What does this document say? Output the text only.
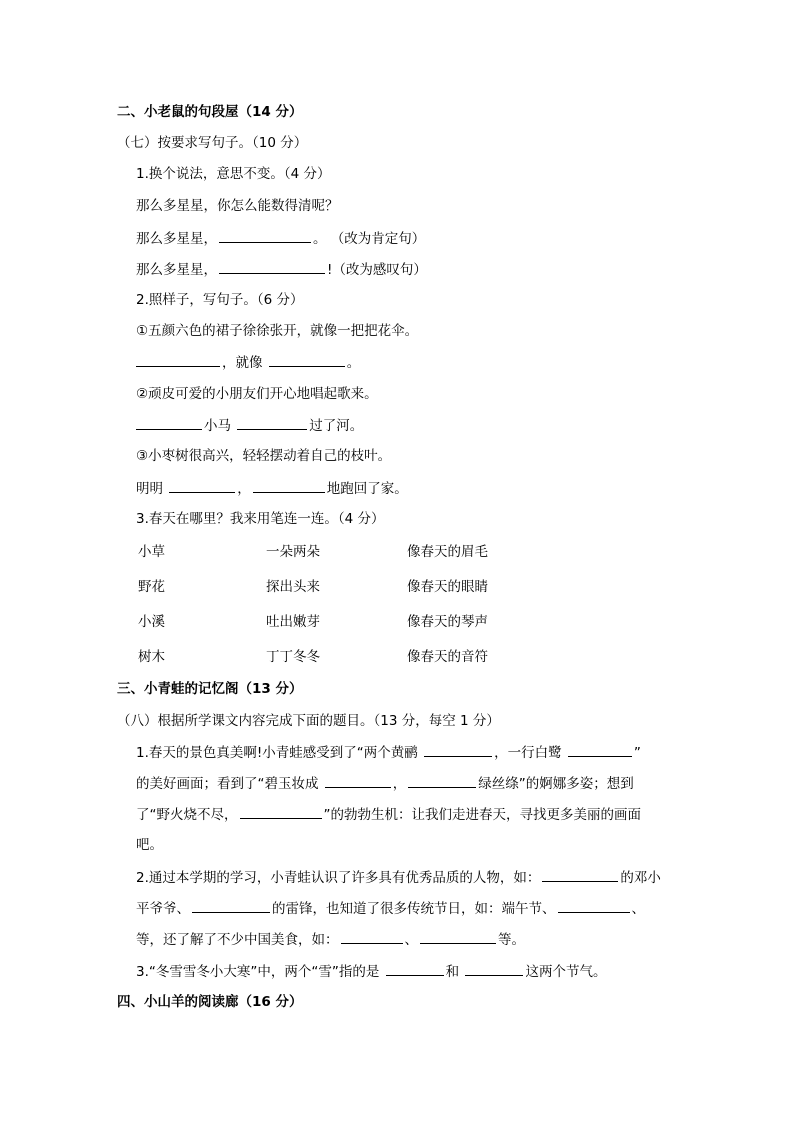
二、小老鼠的句段屋（14 分）
（七）按要求写句子。（10 分）
1.换个说法，意思不变。（4 分）
那么多星星，你怎么能数得清呢？
那么多星星，	。 （改为肯定句）
那么多星星，	!（改为感叹句）
2.照样子，写句子。（6 分）
①五颜六色的裙子徐徐张开，就像一把把花伞。
，就像	。
②顽皮可爱的小朋友们开心地唱起歌来。
小马	过了河。
③小枣树很高兴，轻轻摆动着自己的枝叶。
明明	，	地跑回了家。
3.春天在哪里？我来用笔连一连。（4 分）
小草	一朵两朵	像春天的眉毛
野花	探出头来	像春天的眼睛
小溪	吐出嫩芽	像春天的琴声
树木	丁丁冬冬	像春天的音符
三、小青蛙的记忆阁（13 分）
（八）根据所学课文内容完成下面的题目。（13 分，每空 1 分）
1.春天的景色真美啊!小青蛙感受到了“两个黄鹂	，一行白鹭	”
的美好画面；看到了“碧玉妆成	，	绿丝绦”的婀娜多姿；想到
了“野火烧不尽，	”的勃勃生机：让我们走进春天，寻找更多美丽的画面
吧。
2.通过本学期的学习，小青蛙认识了许多具有优秀品质的人物，如：	的邓小
平爷爷、	的雷锋，也知道了很多传统节日，如：端午节、	、
等，还了解了不少中国美食，如：	、	等。
3.“冬雪雪冬小大寒”中，两个“雪”指的是	和	这两个节气。
四、小山羊的阅读廊（16 分）
